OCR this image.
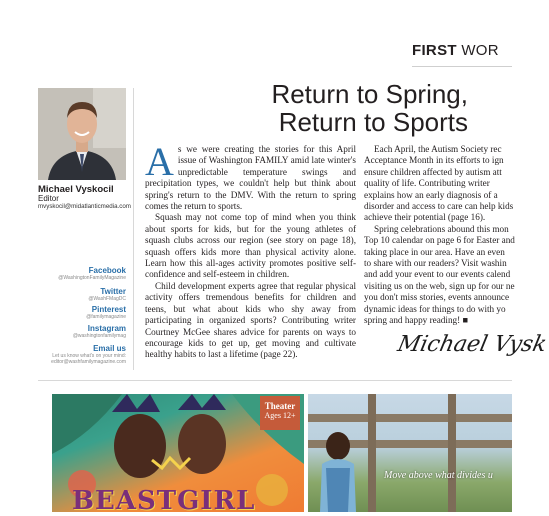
FIRST WOR
Michael Vyskocil
Editor
mvyskocil@midatlanticmedia.com
Facebook
@WashingtonFamilyMagazine
Twitter
@WashFMagDC
Pinterest
@familymagazine
Instagram
@washingtonfamilymag
Email us
Let us know what's on your mind:
editor@washfamilymagazine.com
Return to Spring,
Return to Sports

As we were creating the stories for this April issue of Washington FAMILY amid late winter's unpredictable temperature swings and precipitation types, we couldn't help but think about spring's return to the DMV. With the return to spring comes the return to sports.

Squash may not come top of mind when you think about sports for kids, but for the young athletes of squash clubs across our region (see story on page 18), squash offers kids more than physical activity alone. Learn how this all-ages activity promotes positive self-confidence and self-esteem in children.

Child development experts agree that regular physical activity offers tremendous benefits for children and teens, but what about kids who shy away from participating in organized sports? Contributing writer Courtney McGee shares advice for parents on ways to encourage kids to get up, get moving and cultivate healthy habits to last a lifetime (page 22).

Each April, the Autism Society rec
Acceptance Month in its efforts to ign
ensure children affected by autism att
quality of life. Contributing writer
explains how an early diagnosis of a
disorder and access to care can help kids
achieve their potential (page 16).
Spring celebrations abound this mon
Top 10 calendar on page 6 for Easter and
taking place in our area. Have an even
to share with our readers? Visit washin
and add your event to our events calend
visiting us on the web, sign up for our ne
you don't miss stories, events announce
dynamic ideas for things to do with yo
spring and happy reading! ■
Michael Vysk
Theater
Ages 12+
BEASTGIRL
Move above what divides u
